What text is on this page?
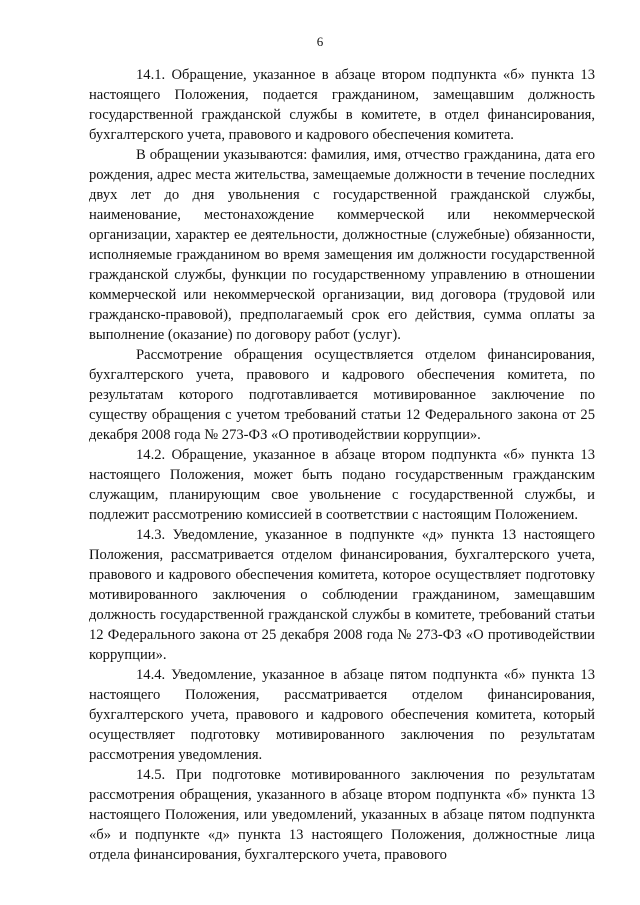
6

14.1. Обращение, указанное в абзаце втором подпункта «б» пункта 13 настоящего Положения, подается гражданином, замещавшим должность государственной гражданской службы в комитете, в отдел финансирования, бухгалтерского учета, правового и кадрового обеспечения комитета.

В обращении указываются: фамилия, имя, отчество гражданина, дата его рождения, адрес места жительства, замещаемые должности в течение последних двух лет до дня увольнения с государственной гражданской службы, наименование, местонахождение коммерческой или некоммерческой организации, характер ее деятельности, должностные (служебные) обязанности, исполняемые гражданином во время замещения им должности государственной гражданской службы, функции по государственному управлению в отношении коммерческой или некоммерческой организации, вид договора (трудовой или гражданско-правовой), предполагаемый срок его действия, сумма оплаты за выполнение (оказание) по договору работ (услуг).

Рассмотрение обращения осуществляется отделом финансирования, бухгалтерского учета, правового и кадрового обеспечения комитета, по результатам которого подготавливается мотивированное заключение по существу обращения с учетом требований статьи 12 Федерального закона от 25 декабря 2008 года № 273-ФЗ «О противодействии коррупции».

14.2. Обращение, указанное в абзаце втором подпункта «б» пункта 13 настоящего Положения, может быть подано государственным гражданским служащим, планирующим свое увольнение с государственной службы, и подлежит рассмотрению комиссией в соответствии с настоящим Положением.

14.3. Уведомление, указанное в подпункте «д» пункта 13 настоящего Положения, рассматривается отделом финансирования, бухгалтерского учета, правового и кадрового обеспечения комитета, которое осуществляет подготовку мотивированного заключения о соблюдении гражданином, замещавшим должность государственной гражданской службы в комитете, требований статьи 12 Федерального закона от 25 декабря 2008 года № 273-ФЗ «О противодействии коррупции».

14.4. Уведомление, указанное в абзаце пятом подпункта «б» пункта 13 настоящего Положения, рассматривается отделом финансирования, бухгалтерского учета, правового и кадрового обеспечения комитета, который осуществляет подготовку мотивированного заключения по результатам рассмотрения уведомления.

14.5. При подготовке мотивированного заключения по результатам рассмотрения обращения, указанного в абзаце втором подпункта «б» пункта 13 настоящего Положения, или уведомлений, указанных в абзаце пятом подпункта «б» и подпункте «д» пункта 13 настоящего Положения, должностные лица отдела финансирования, бухгалтерского учета, правового
